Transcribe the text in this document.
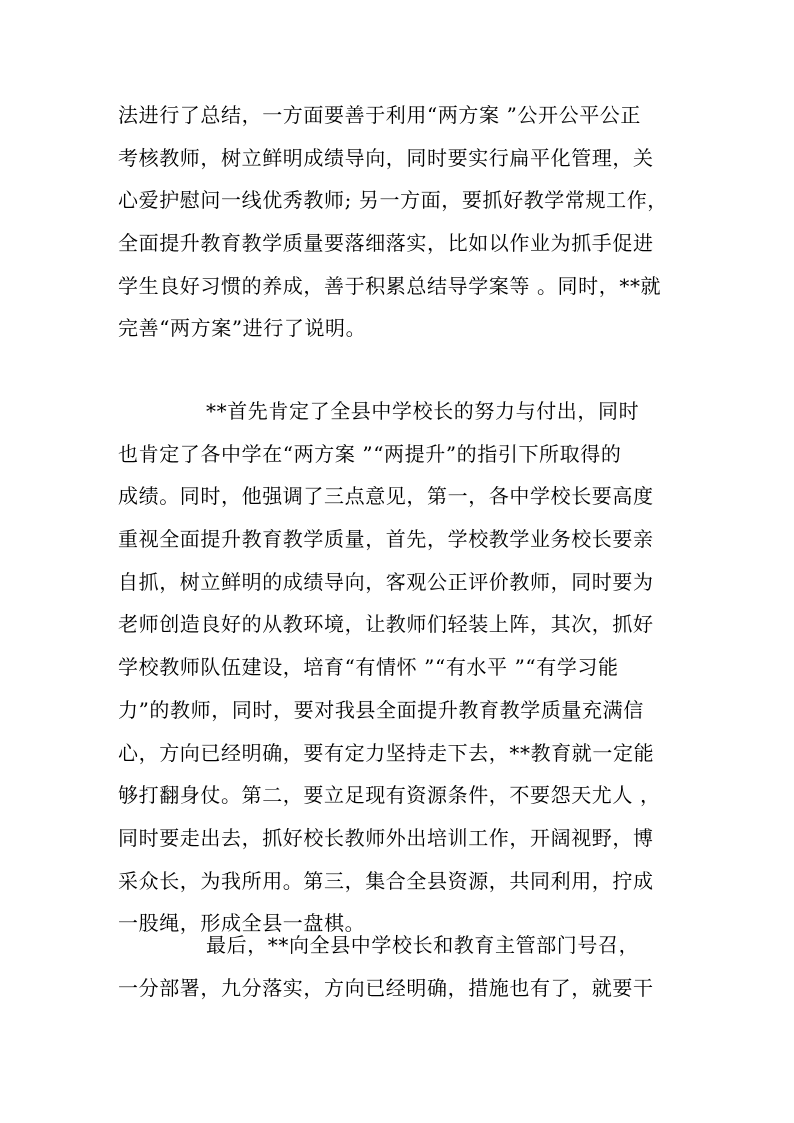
法进行了总结，一方面要善于利用“两方案 ”公开公平公正
考核教师，树立鲜明成绩导向，同时要实行扁平化管理，关
心爱护慰问一线优秀教师; 另一方面，要抓好教学常规工作，
全面提升教育教学质量要落细落实，比如以作业为抓手促进
学生良好习惯的养成，善于积累总结导学案等 。同时，**就
完善“两方案”进行了说明。
**首先肯定了全县中学校长的努力与付出，同时
也肯定了各中学在“两方案 ”“两提升”的指引下所取得的
成绩。同时，他强调了三点意见，第一，各中学校长要高度
重视全面提升教育教学质量，首先，学校教学业务校长要亲
自抓，树立鲜明的成绩导向，客观公正评价教师，同时要为
老师创造良好的从教环境，让教师们轻装上阵，其次，抓好
学校教师队伍建设，培育“有情怀 ”“有水平 ”“有学习能
力”的教师，同时，要对我县全面提升教育教学质量充满信
心，方向已经明确，要有定力坚持走下去，**教育就一定能
够打翻身仗。第二，要立足现有资源条件，不要怨天尤人 ，
同时要走出去，抓好校长教师外出培训工作，开阔视野，博
采众长，为我所用。第三，集合全县资源，共同利用，拧成
一股绳，形成全县一盘棋。
最后，**向全县中学校长和教育主管部门号召，
一分部署，九分落实，方向已经明确，措施也有了，就要干
